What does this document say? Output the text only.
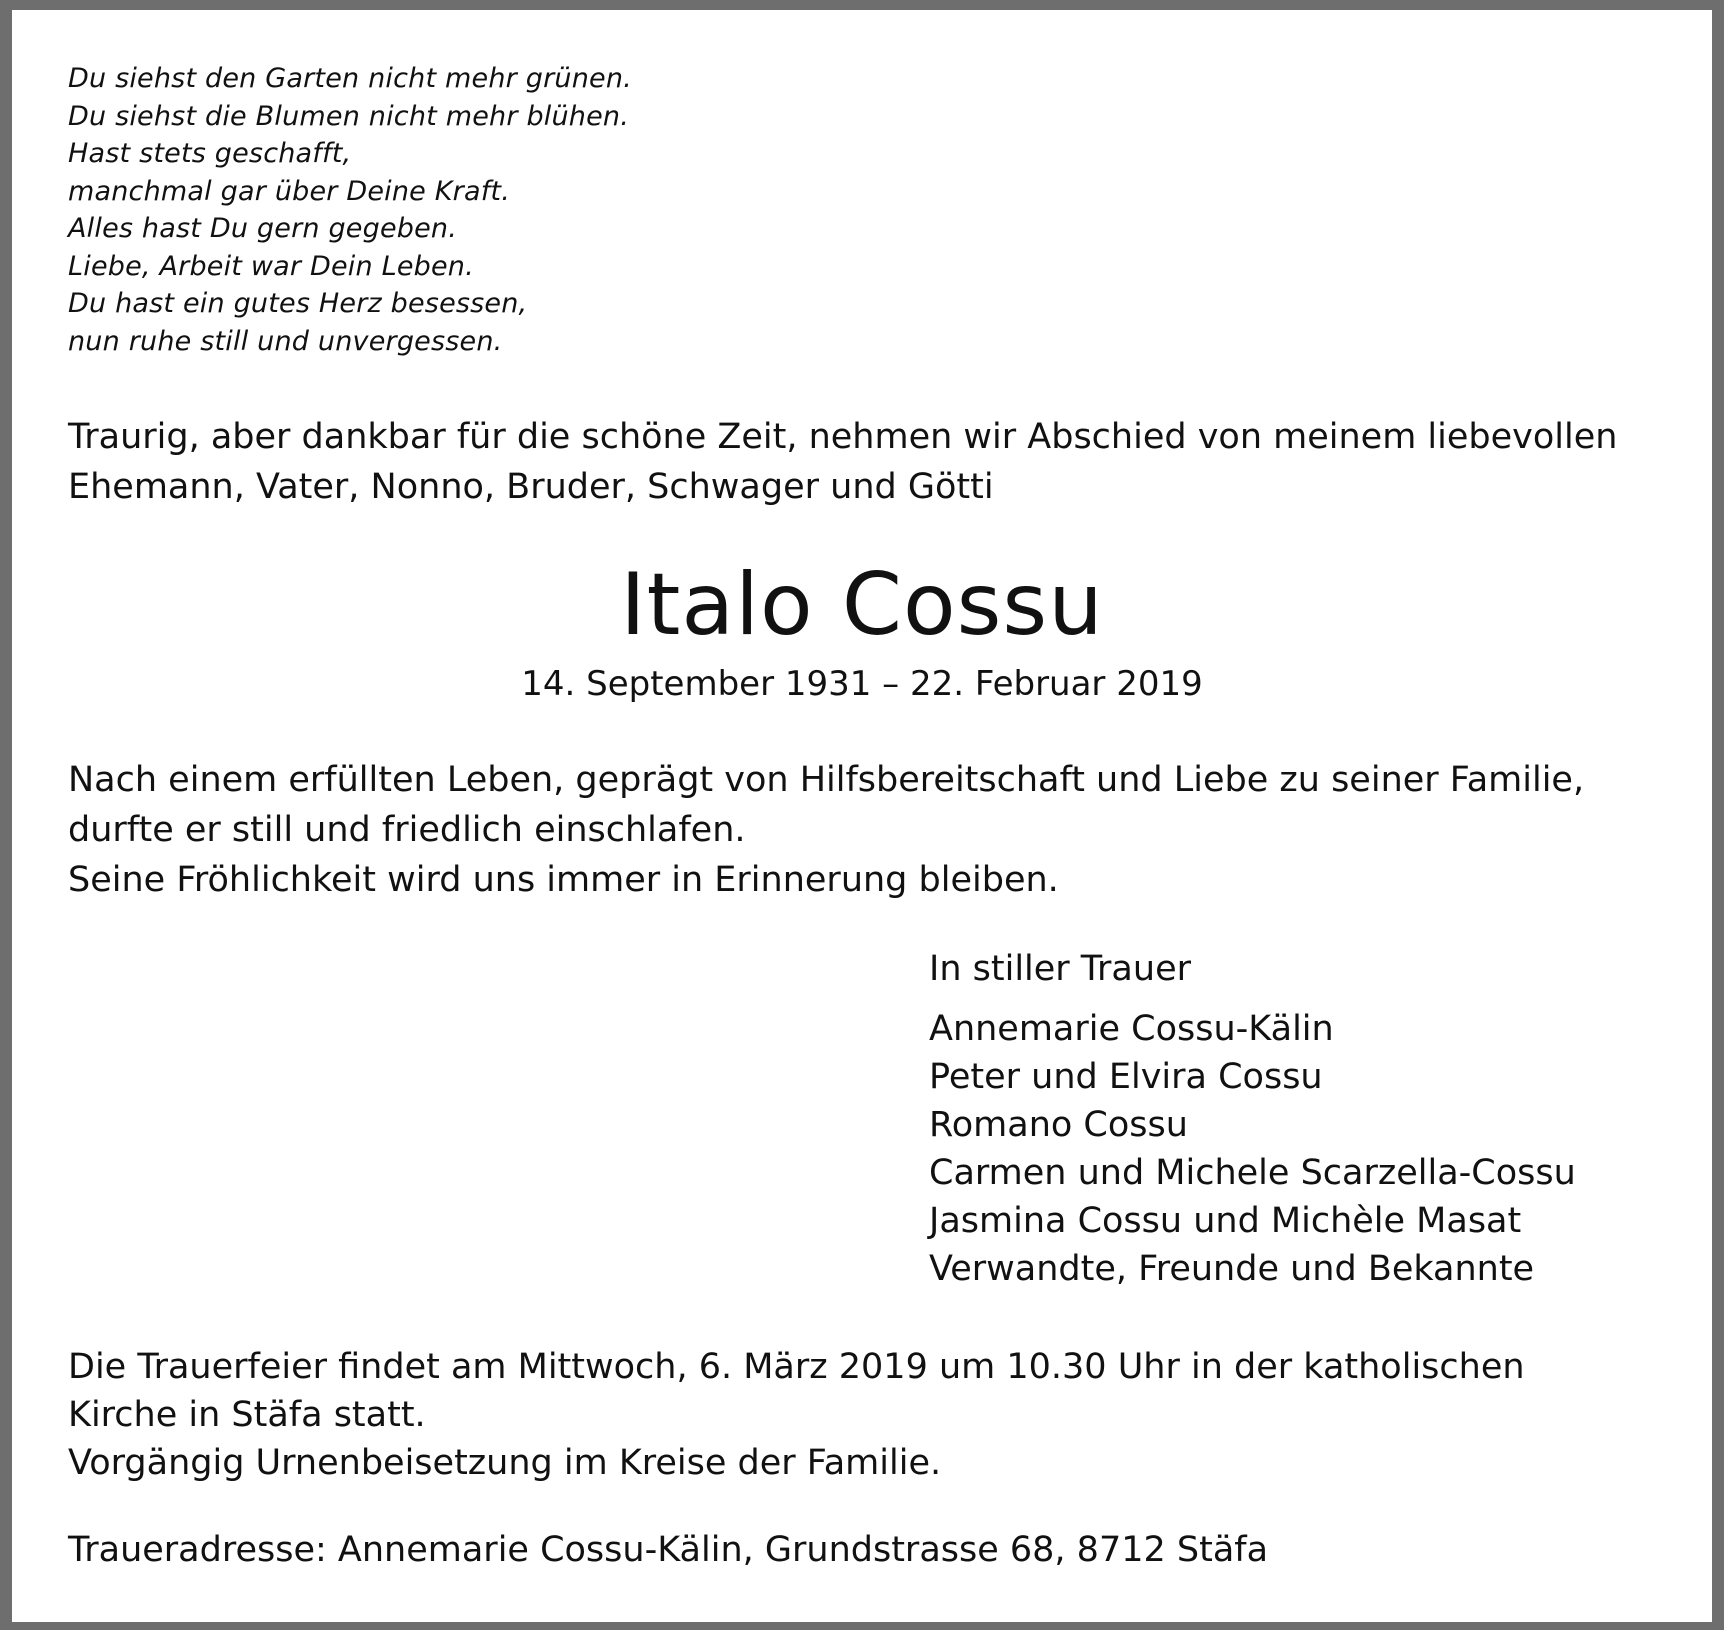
Du siehst den Garten nicht mehr grünen.
Du siehst die Blumen nicht mehr blühen.
Hast stets geschafft,
manchmal gar über Deine Kraft.
Alles hast Du gern gegeben.
Liebe, Arbeit war Dein Leben.
Du hast ein gutes Herz besessen,
nun ruhe still und unvergessen.

Traurig, aber dankbar für die schöne Zeit, nehmen wir Abschied von meinem liebevollen
Ehemann, Vater, Nonno, Bruder, Schwager und Götti

Italo Cossu

14. September 1931 – 22. Februar 2019

Nach einem erfüllten Leben, geprägt von Hilfsbereitschaft und Liebe zu seiner Familie,
durfte er still und friedlich einschlafen.
Seine Fröhlichkeit wird uns immer in Erinnerung bleiben.

In stiller Trauer
Annemarie Cossu-Kälin
Peter und Elvira Cossu
Romano Cossu
Carmen und Michele Scarzella-Cossu
Jasmina Cossu und Michèle Masat
Verwandte, Freunde und Bekannte

Die Trauerfeier findet am Mittwoch, 6. März 2019 um 10.30 Uhr in der katholischen
Kirche in Stäfa statt.
Vorgängig Urnenbeisetzung im Kreise der Familie.

Traueradresse: Annemarie Cossu-Kälin, Grundstrasse 68, 8712 Stäfa
